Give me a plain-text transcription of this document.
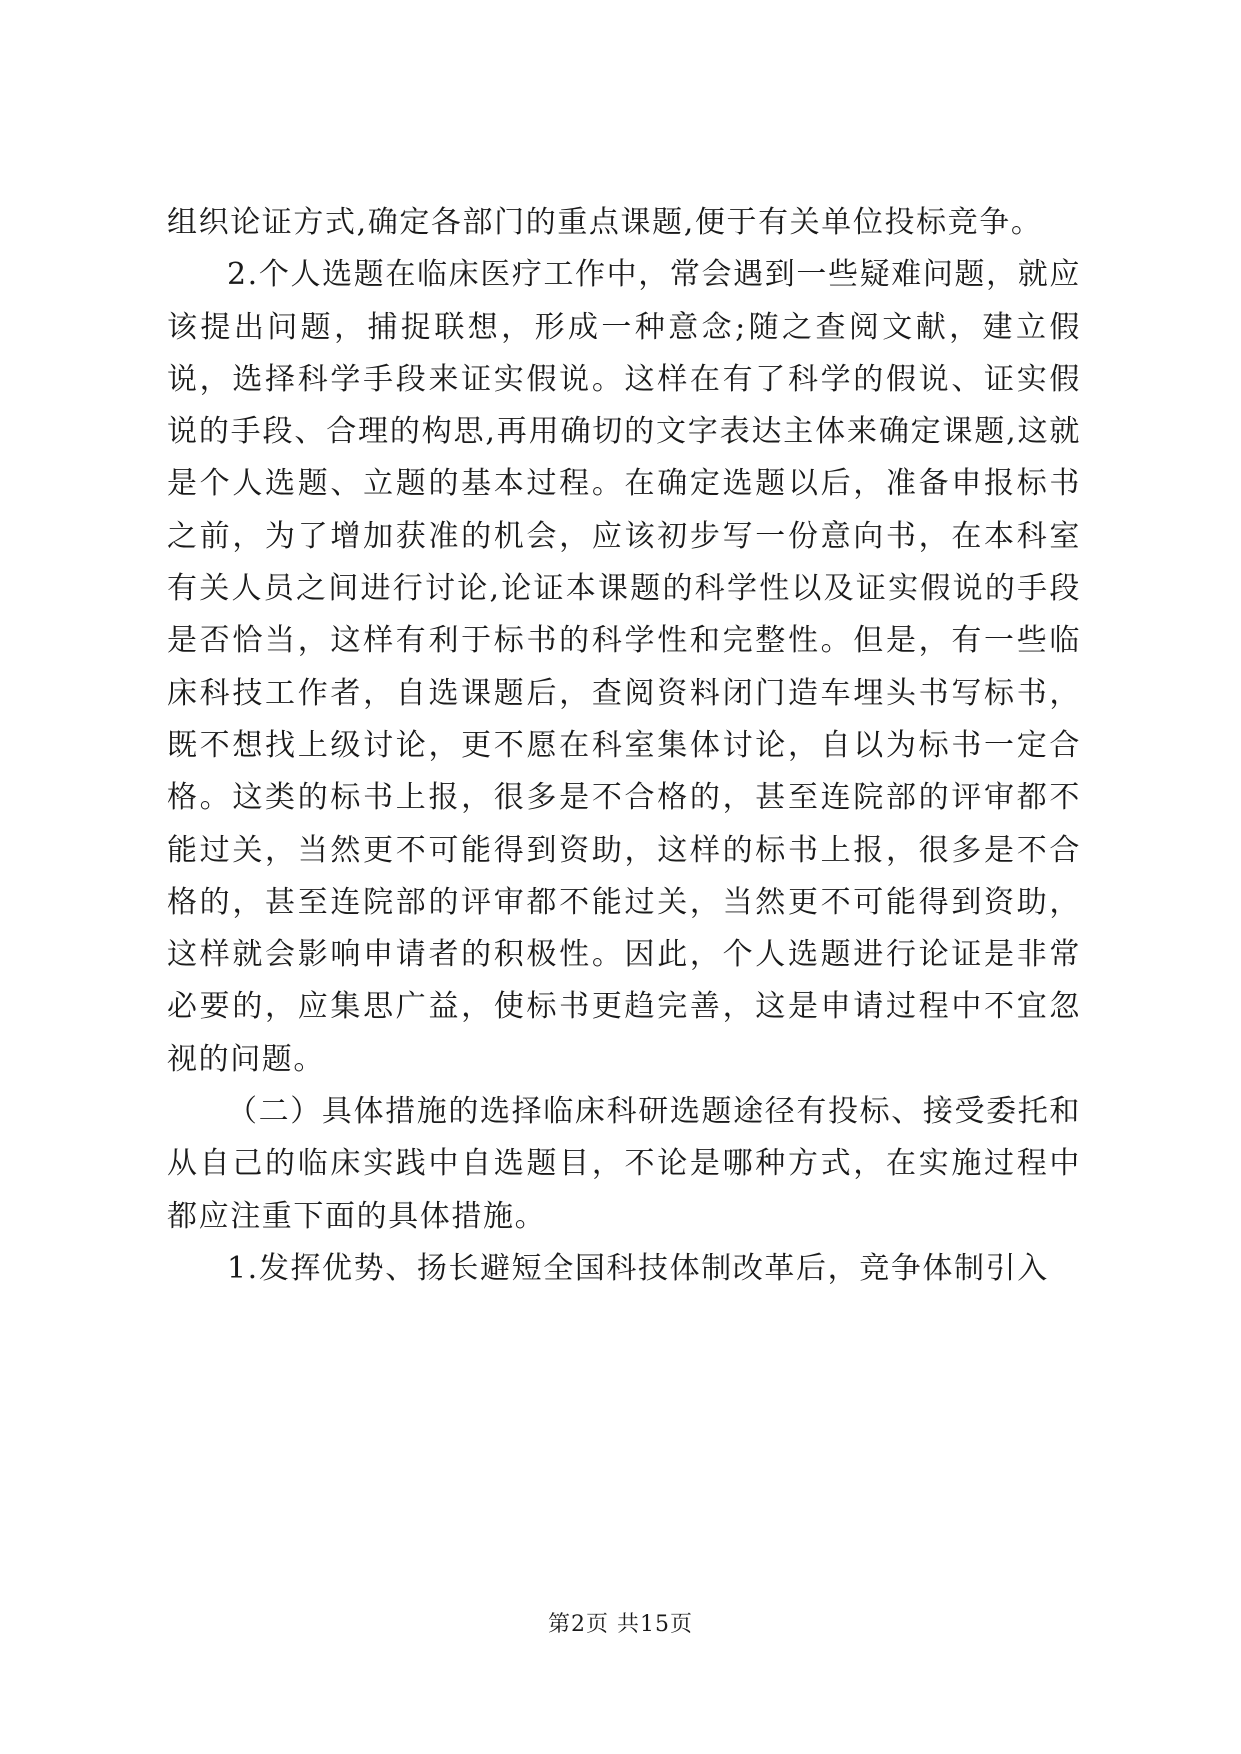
组织论证方式,确定各部门的重点课题,便于有关单位投标竞争。

2.个人选题在临床医疗工作中，常会遇到一些疑难问题，就应该提出问题，捕捉联想，形成一种意念;随之查阅文献，建立假说，选择科学手段来证实假说。这样在有了科学的假说、证实假说的手段、合理的构思,再用确切的文字表达主体来确定课题,这就是个人选题、立题的基本过程。在确定选题以后，准备申报标书之前，为了增加获准的机会，应该初步写一份意向书，在本科室有关人员之间进行讨论,论证本课题的科学性以及证实假说的手段是否恰当，这样有利于标书的科学性和完整性。但是，有一些临床科技工作者，自选课题后，查阅资料闭门造车埋头书写标书，既不想找上级讨论，更不愿在科室集体讨论，自以为标书一定合格。这类的标书上报，很多是不合格的，甚至连院部的评审都不能过关，当然更不可能得到资助，这样的标书上报，很多是不合格的，甚至连院部的评审都不能过关，当然更不可能得到资助，这样就会影响申请者的积极性。因此，个人选题进行论证是非常必要的，应集思广益，使标书更趋完善，这是申请过程中不宜忽视的问题。

（二）具体措施的选择临床科研选题途径有投标、接受委托和从自己的临床实践中自选题目，不论是哪种方式，在实施过程中都应注重下面的具体措施。

1.发挥优势、扬长避短全国科技体制改革后，竞争体制引入

第2页 共15页
